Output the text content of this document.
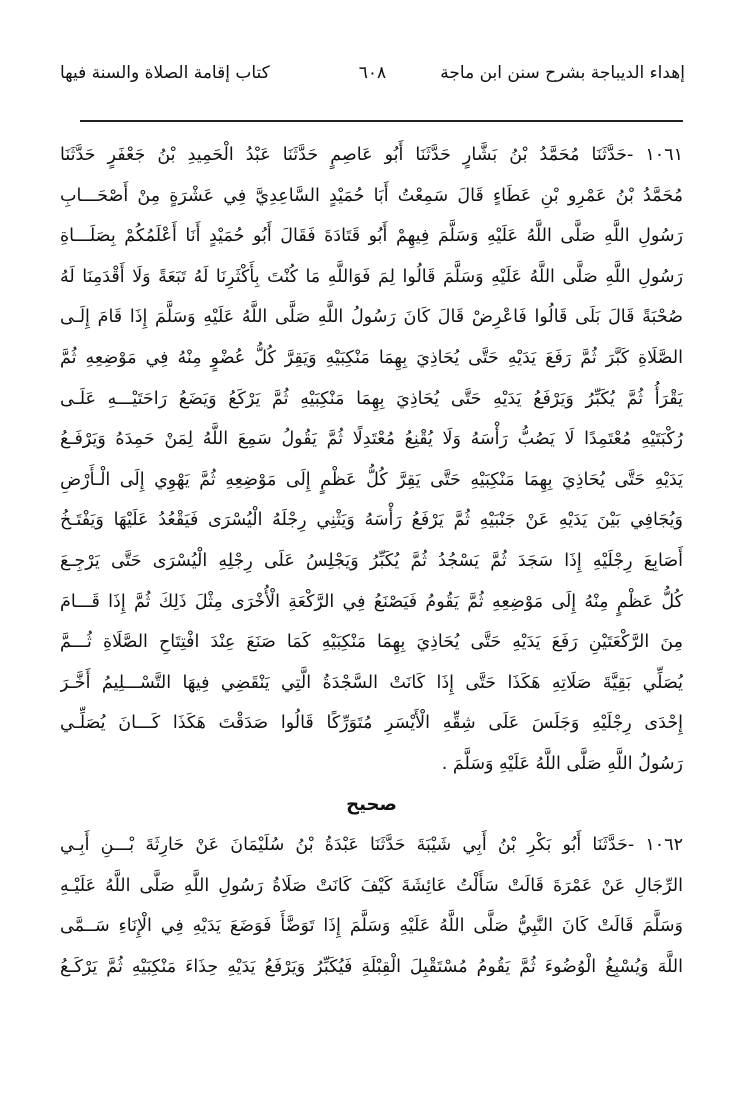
إهداء الديباجة بشرح سنن ابن ماجة
٦٠٨
كتاب إقامة الصلاة والسنة فيها
١٠٦١ -حَدَّثَنَا مُحَمَّدُ بْنُ بَشَّارٍ حَدَّثَنَا أَبُو عَاصِمٍ حَدَّثَنَا عَبْدُ الْحَمِيدِ بْنُ جَعْفَرٍ حَدَّثَنَا
مُحَمَّدُ بْنُ عَمْرِو بْنِ عَطَاءٍ قَالَ سَمِعْتُ أَبَا حُمَيْدٍ السَّاعِدِيَّ فِي عَشْرَةٍ مِنْ أَصْحَـــابِ
رَسُولِ اللَّهِ صَلَّى اللَّهُ عَلَيْهِ وَسَلَّمَ فِيهِمْ أَبُو قَتَادَةَ فَقَالَ أَبُو حُمَيْدٍ أَنَا أَعْلَمُكُمْ بِصَلَـــاةِ
رَسُولِ اللَّهِ صَلَّى اللَّهُ عَلَيْهِ وَسَلَّمَ قَالُوا لِمَ فَوَاللَّهِ مَا كُنْتَ بِأَكْثَرِنَا لَهُ تَبَعَةً وَلَا أَقْدَمِنَا لَهُ
صُحْبَةً قَالَ بَلَى قَالُوا فَاعْرِضْ قَالَ كَانَ رَسُولُ اللَّهِ صَلَّى اللَّهُ عَلَيْهِ وَسَلَّمَ إِذَا قَامَ إِلَـى
الصَّلَاةِ كَبَّرَ ثُمَّ رَفَعَ يَدَيْهِ حَتَّى يُحَاذِيَ بِهِمَا مَنْكِبَيْهِ وَيَقِرَّ كُلُّ عُضْوٍ مِنْهُ فِي مَوْضِعِهِ ثُمَّ
يَقْرَأُ ثُمَّ يُكَبِّرُ وَيَرْفَعُ يَدَيْهِ حَتَّى يُحَاذِيَ بِهِمَا مَنْكِبَيْهِ ثُمَّ يَرْكَعُ وَيَضَعُ رَاحَتَيْـــهِ عَلَـى
رُكْبَتَيْهِ مُعْتَمِدًا لَا يَصُبُّ رَأْسَهُ وَلَا يُقْنِعُ مُعْتَدِلًا ثُمَّ يَقُولُ سَمِعَ اللَّهُ لِمَنْ حَمِدَهُ وَيَرْفَـعُ
يَدَيْهِ حَتَّى يُحَاذِيَ بِهِمَا مَنْكِبَيْهِ حَتَّى يَقِرَّ كُلُّ عَظْمٍ إِلَى مَوْضِعِهِ ثُمَّ يَهْوِي إِلَى الْـأَرْضِ
وَيُجَافِي بَيْنَ يَدَيْهِ عَنْ جَنْبَيْهِ ثُمَّ يَرْفَعُ رَأْسَهُ وَيَثْنِي رِجْلَهُ الْيُسْرَى فَيَقْعُدُ عَلَيْهَا وَيَفْتَـخُ
أَصَابِعَ رِجْلَيْهِ إِذَا سَجَدَ ثُمَّ يَسْجُدُ ثُمَّ يُكَبِّرُ وَيَجْلِسُ عَلَى رِجْلِهِ الْيُسْرَى حَتَّى يَرْجِـعَ
كُلُّ عَظْمٍ مِنْهُ إِلَى مَوْضِعِهِ ثُمَّ يَقُومُ فَيَصْنَعُ فِي الرَّكْعَةِ الْأُخْرَى مِثْلَ ذَلِكَ ثُمَّ إِذَا قَـــامَ
مِنَ الرَّكْعَتَيْنِ رَفَعَ يَدَيْهِ حَتَّى يُحَاذِيَ بِهِمَا مَنْكِبَيْهِ كَمَا صَنَعَ عِنْدَ افْتِتَاحِ الصَّلَاةِ ثُـــمَّ
يُصَلِّي بَقِيَّةَ صَلَاتِهِ هَكَذَا حَتَّى إِذَا كَانَتْ السَّجْدَةُ الَّتِي يَنْقَضِي فِيهَا التَّسْـــلِيمُ أَخَّـرَ
إِحْدَى رِجْلَيْهِ وَجَلَسَ عَلَى شِقِّهِ الْأَيْسَرِ مُتَوَرِّكًا قَالُوا صَدَقْتَ هَكَذَا كَـــانَ يُصَلِّـي
رَسُولُ اللَّهِ صَلَّى اللَّهُ عَلَيْهِ وَسَلَّمَ .
صحيح
١٠٦٢ -حَدَّثَنَا أَبُو بَكْرِ بْنُ أَبِي شَيْبَةَ حَدَّثَنَا عَبْدَةُ بْنُ سُلَيْمَانَ عَنْ حَارِثَةَ بْـــنِ أَبِـي
الرِّجَالِ عَنْ عَمْرَةَ قَالَتْ سَأَلْتُ عَائِشَةَ كَيْفَ كَانَتْ صَلَاةُ رَسُولِ اللَّهِ صَلَّى اللَّهُ عَلَيْـهِ
وَسَلَّمَ قَالَتْ كَانَ النَّبِيُّ صَلَّى اللَّهُ عَلَيْهِ وَسَلَّمَ إِذَا تَوَضَّأَ فَوَضَعَ يَدَيْهِ فِي الْإِنَاءِ سَــمَّى
اللَّهَ وَيُسْبِغُ الْوُضُوءَ ثُمَّ يَقُومُ مُسْتَقْبِلَ الْقِبْلَةِ فَيُكَبِّرُ وَيَرْفَعُ يَدَيْهِ حِذَاءَ مَنْكِبَيْهِ ثُمَّ يَرْكَـعُ
